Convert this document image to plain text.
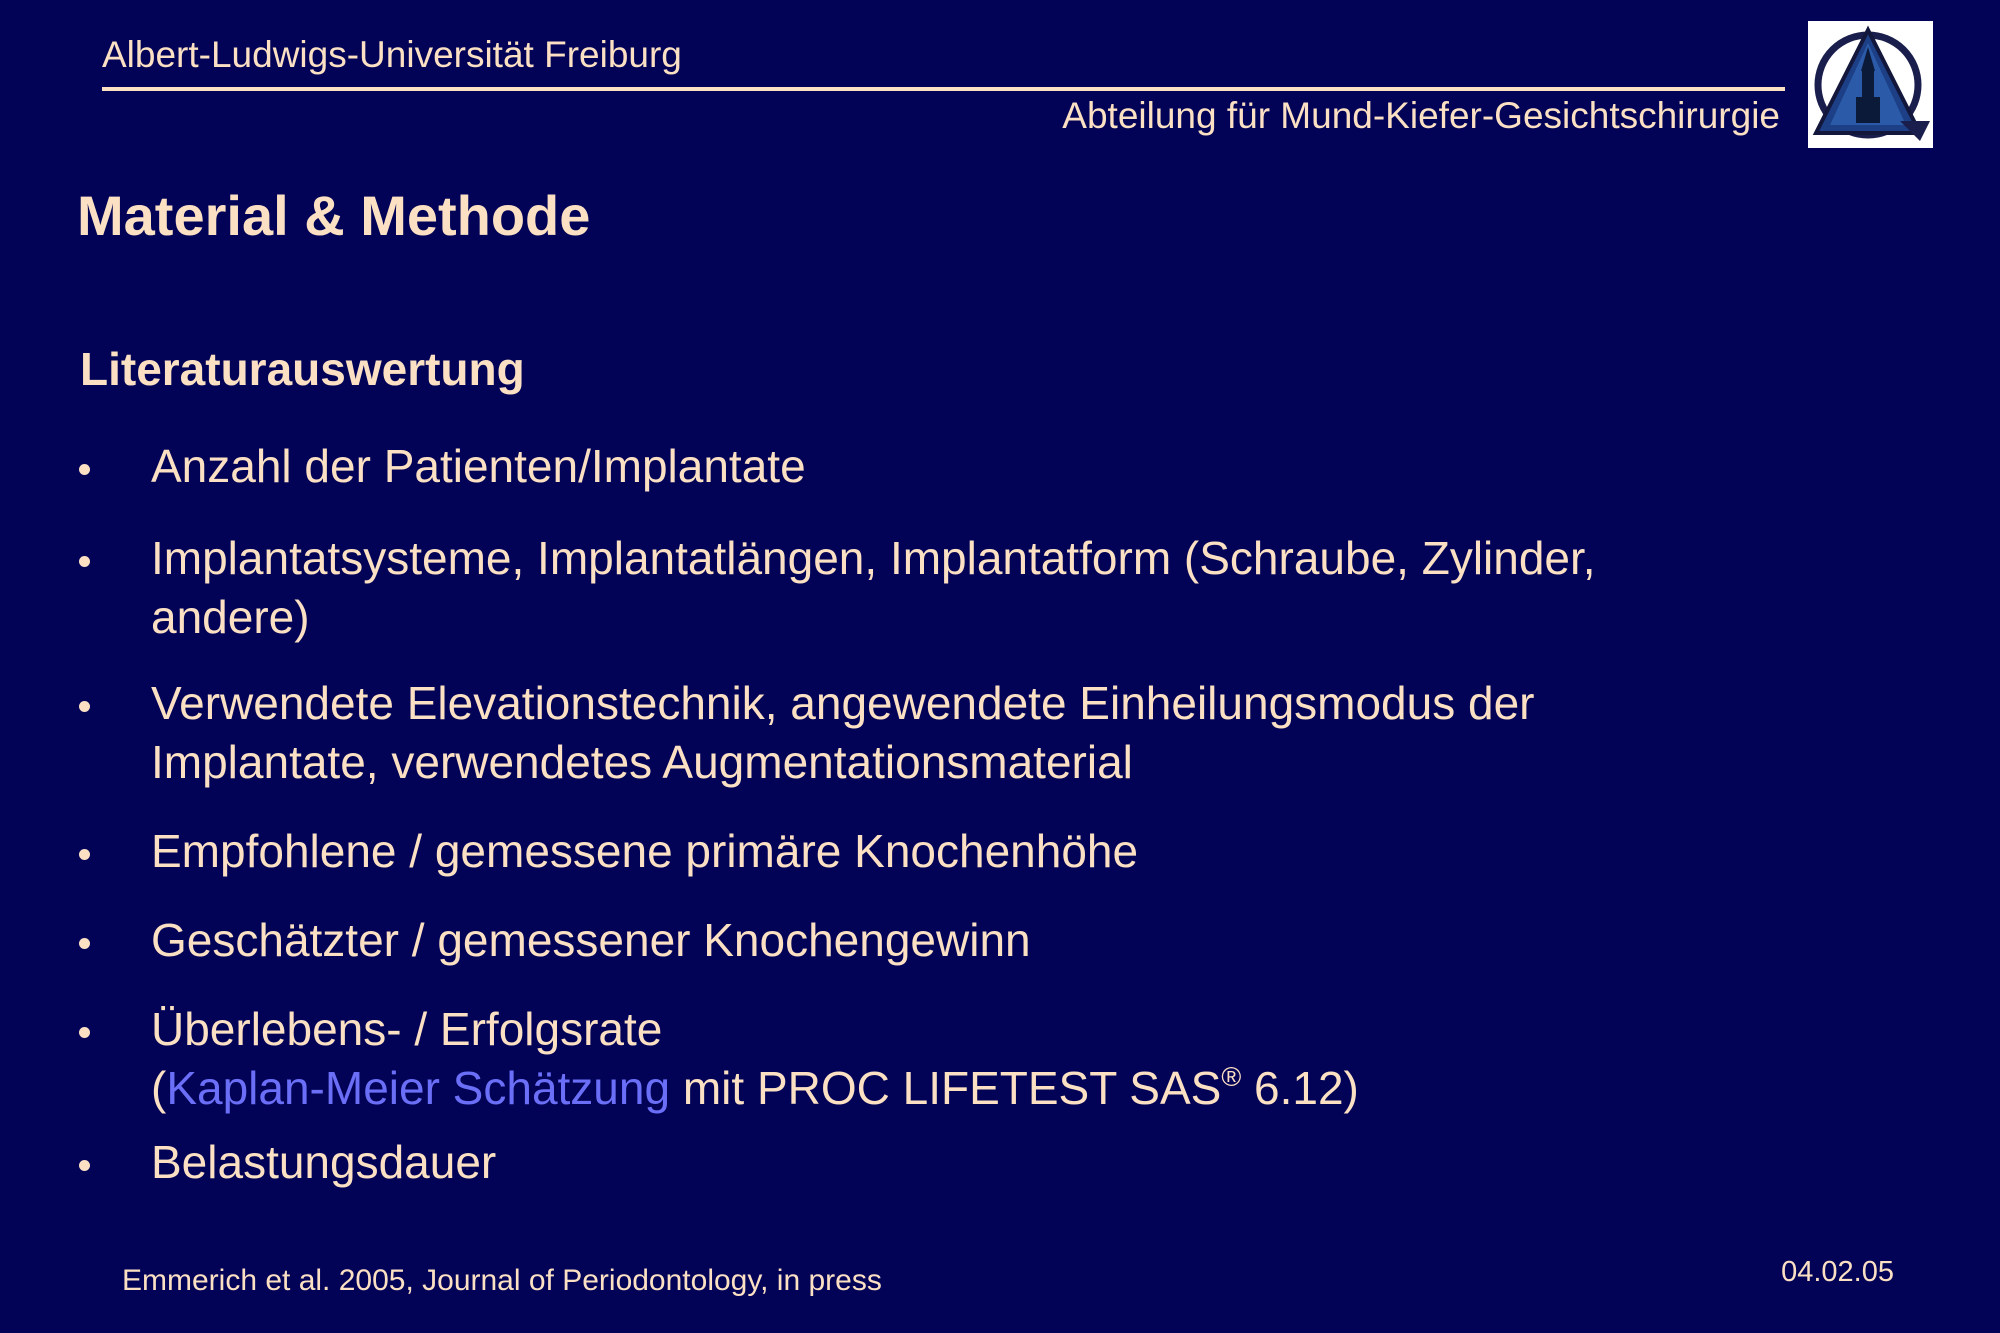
Albert-Ludwigs-Universität Freiburg
Abteilung für Mund-Kiefer-Gesichtschirurgie
Material & Methode
Literaturauswertung
Anzahl der Patienten/Implantate
Implantatsysteme, Implantatlängen, Implantatform (Schraube, Zylinder,
andere)
Verwendete Elevationstechnik, angewendete Einheilungsmodus der
Implantate, verwendetes Augmentationsmaterial
Empfohlene / gemessene primäre Knochenhöhe
Geschätzter / gemessener Knochengewinn
Überlebens- / Erfolgsrate
(Kaplan-Meier Schätzung mit PROC LIFETEST SAS® 6.12)
Belastungsdauer
Emmerich et al. 2005, Journal of Periodontology, in press	04.02.05
